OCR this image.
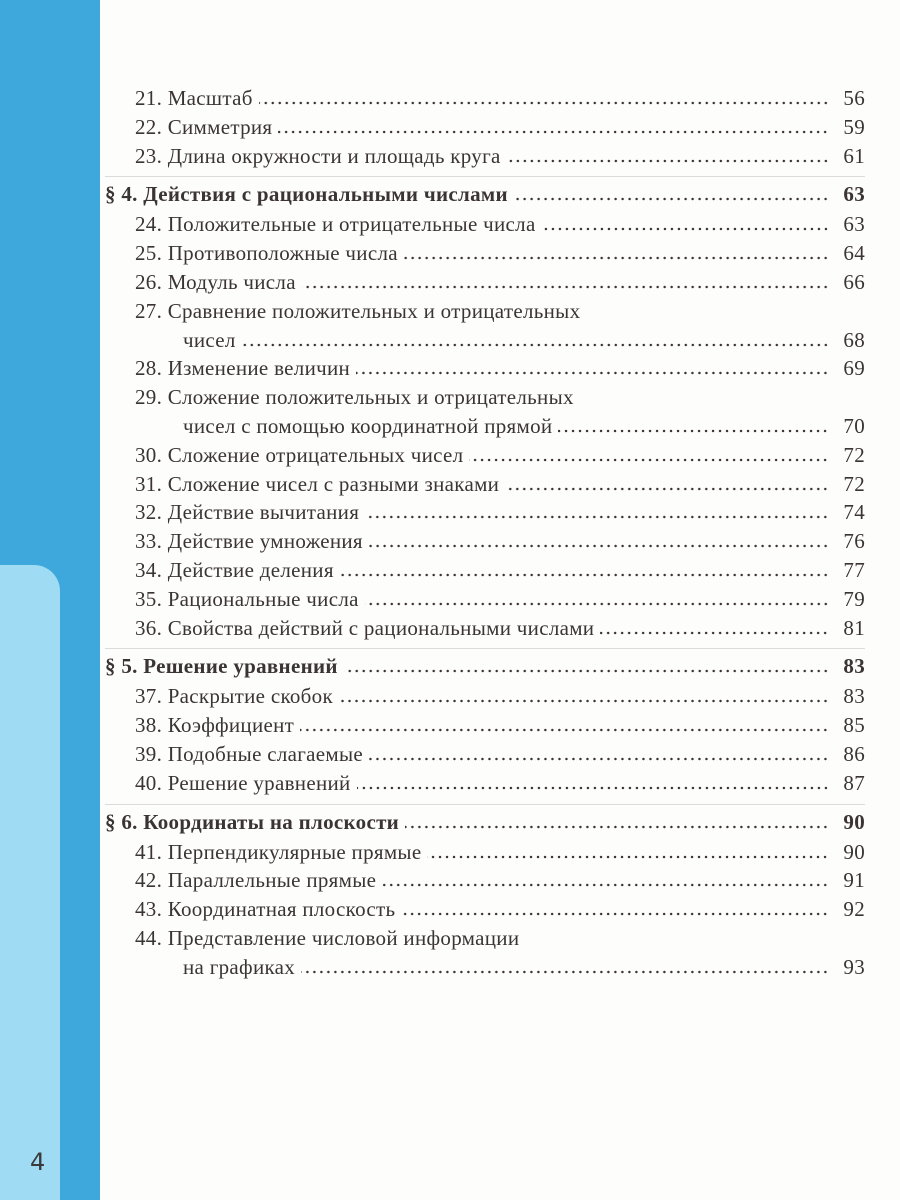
4
21. Масштаб	56
22. Симметрия	59
23. Длина окружности и площадь круга	61
§ 4. Действия с рациональными числами	63
24. Положительные и отрицательные числа	63
25. Противоположные числа	64
26. Модуль числа	66
27. Сравнение положительных и отрицательных
чисел	68
28. Изменение величин	69
29. Сложение положительных и отрицательных
чисел с помощью координатной прямой	70
30. Сложение отрицательных чисел	72
31. Сложение чисел с разными знаками	72
32. Действие вычитания	74
33. Действие умножения	76
34. Действие деления	77
35. Рациональные числа	79
36. Свойства действий с рациональными числами	81
§ 5. Решение уравнений	83
37. Раскрытие скобок	83
38. Коэффициент	85
39. Подобные слагаемые	86
40. Решение уравнений	87
§ 6. Координаты на плоскости	90
41. Перпендикулярные прямые	90
42. Параллельные прямые	91
43. Координатная плоскость	92
44. Представление числовой информации
на графиках	93
